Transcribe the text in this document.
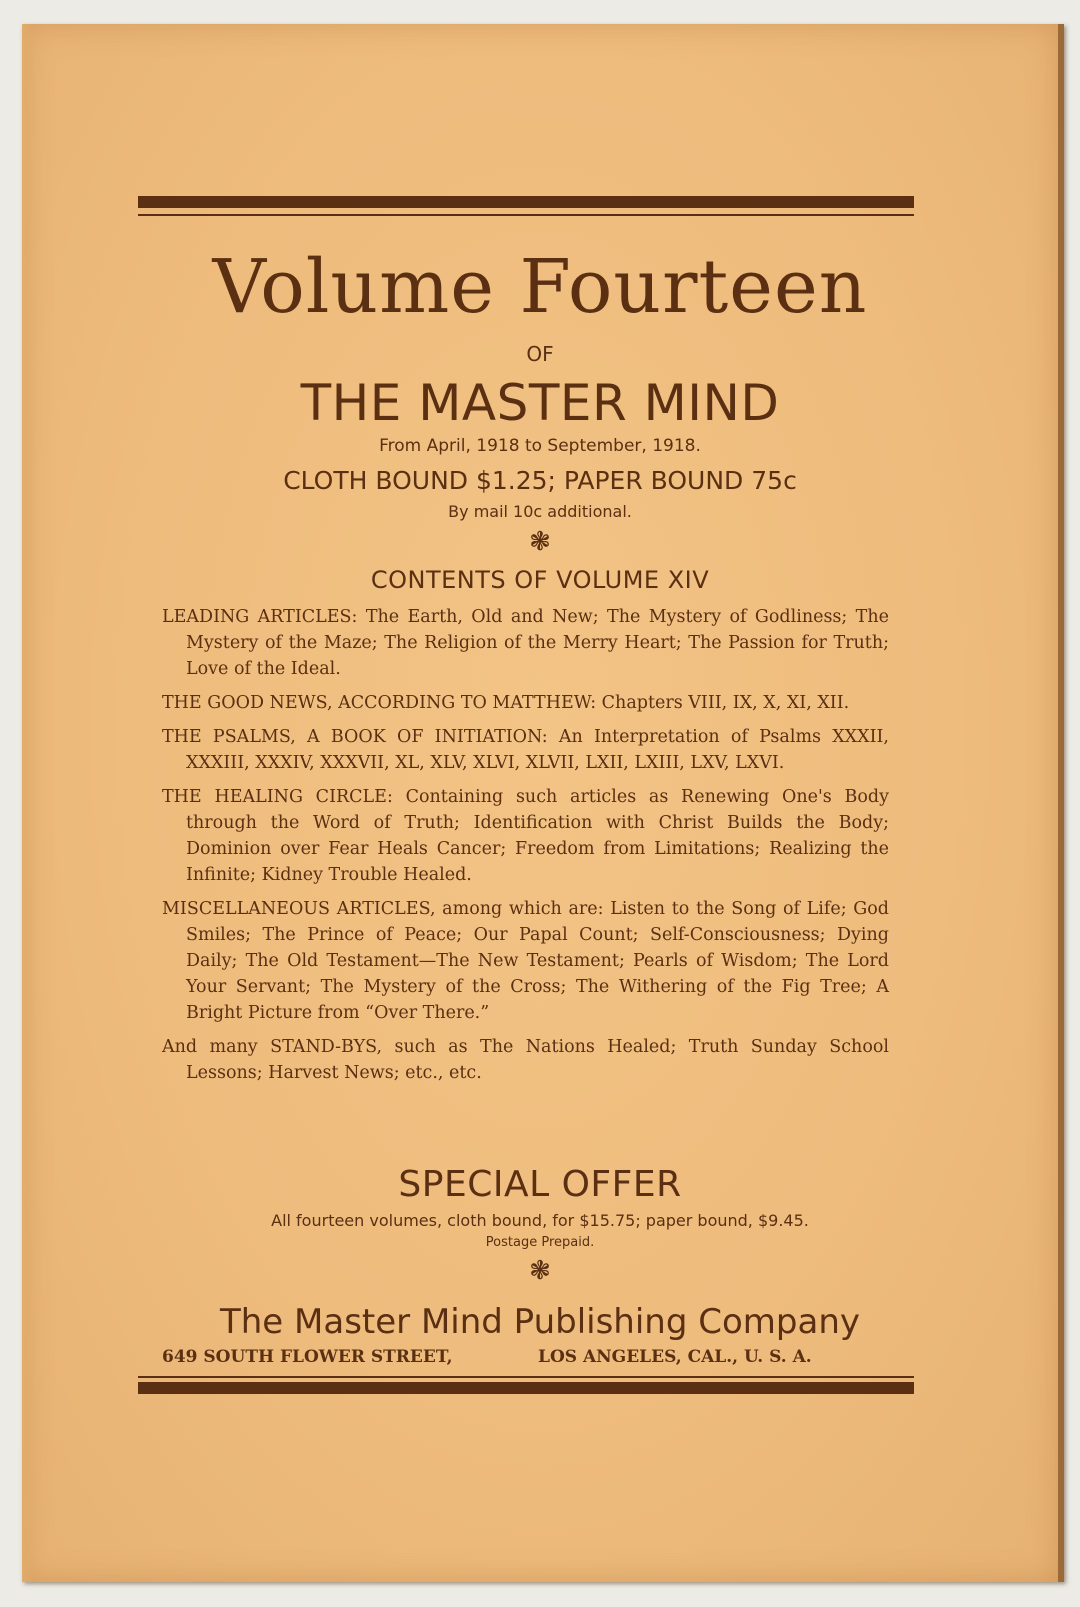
Volume Fourteen
OF
THE MASTER MIND
From April, 1918 to September, 1918.
CLOTH BOUND $1.25; PAPER BOUND 75c
By mail 10c additional.
❃
CONTENTS OF VOLUME XIV

LEADING ARTICLES: The Earth, Old and New; The Mystery of Godliness; The Mystery of the Maze; The Religion of the Merry Heart; The Passion for Truth; Love of the Ideal.

THE GOOD NEWS, ACCORDING TO MATTHEW: Chapters VIII, IX, X, XI, XII.

THE PSALMS, A BOOK OF INITIATION: An Interpretation of Psalms XXXII, XXXIII, XXXIV, XXXVII, XL, XLV, XLVI, XLVII, LXII, LXIII, LXV, LXVI.

THE HEALING CIRCLE: Containing such articles as Renewing One's Body through the Word of Truth; Identification with Christ Builds the Body; Dominion over Fear Heals Cancer; Freedom from Limitations; Realizing the Infinite; Kidney Trouble Healed.

MISCELLANEOUS ARTICLES, among which are: Listen to the Song of Life; God Smiles; The Prince of Peace; Our Papal Count; Self-Consciousness; Dying Daily; The Old Testament—The New Testament; Pearls of Wisdom; The Lord Your Servant; The Mystery of the Cross; The Withering of the Fig Tree; A Bright Picture from “Over There.”

And many STAND-BYS, such as The Nations Healed; Truth Sunday School Lessons; Harvest News; etc., etc.

SPECIAL OFFER
All fourteen volumes, cloth bound, for $15.75; paper bound, $9.45.
Postage Prepaid.
❃
The Master Mind Publishing Company
649 SOUTH FLOWER STREET,	LOS ANGELES, CAL., U. S. A.
